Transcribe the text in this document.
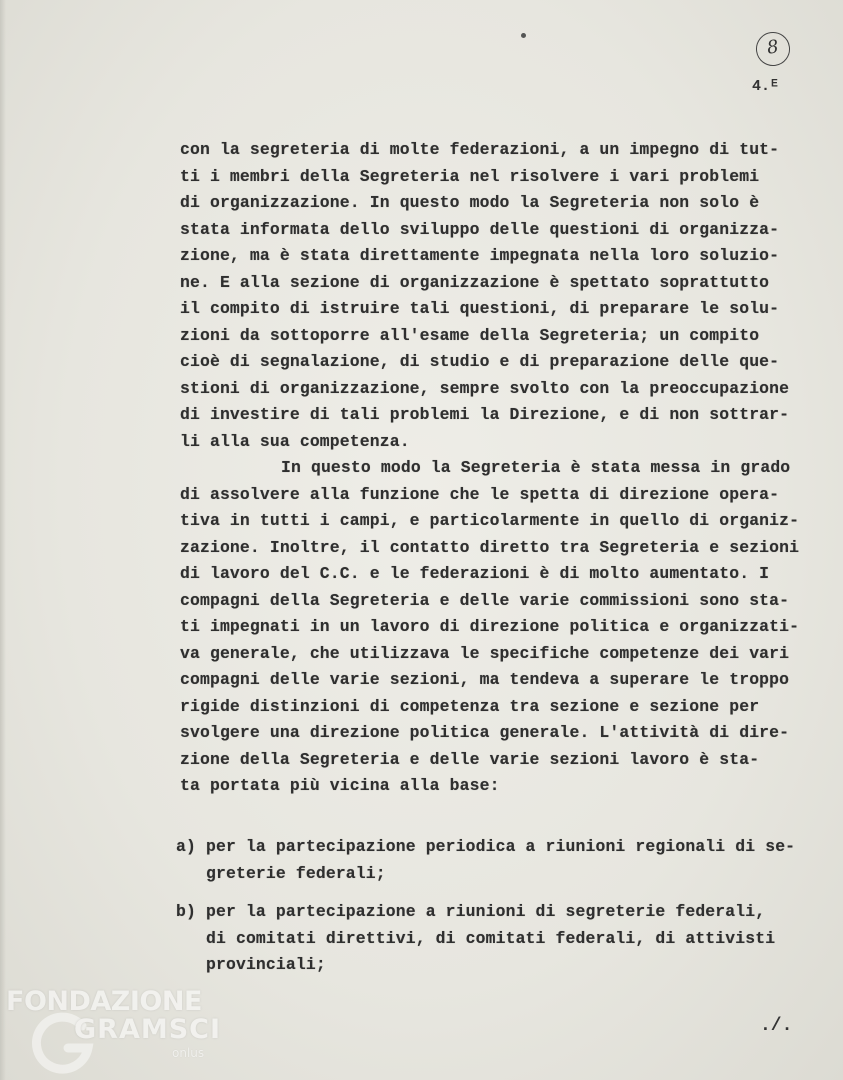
8
4.ᴱ
con la segreteria di molte federazioni, a un impegno di tut-
ti i membri della Segreteria nel risolvere i vari problemi
di organizzazione. In questo modo la Segreteria non solo è
stata informata dello sviluppo delle questioni di organizza-
zione, ma è stata direttamente impegnata nella loro soluzio-
ne. E alla sezione di organizzazione è spettato soprattutto
il compito di istruire tali questioni, di preparare le solu-
zioni da sottoporre all'esame della Segreteria; un compito
cioè di segnalazione, di studio e di preparazione delle que-
stioni di organizzazione, sempre svolto con la preoccupazione
di investire di tali problemi la Direzione, e di non sottrar-
li alla sua competenza.
In questo modo la Segreteria è stata messa in grado
di assolvere alla funzione che le spetta di direzione opera-
tiva in tutti i campi, e particolarmente in quello di organiz-
zazione. Inoltre, il contatto diretto tra Segreteria e sezioni
di lavoro del C.C. e le federazioni è di molto aumentato. I
compagni della Segreteria e delle varie commissioni sono sta-
ti impegnati in un lavoro di direzione politica e organizzati-
va generale, che utilizzava le specifiche competenze dei vari
compagni delle varie sezioni, ma tendeva a superare le troppo
rigide distinzioni di competenza tra sezione e sezione per
svolgere una direzione politica generale. L'attività di dire-
zione della Segreteria e delle varie sezioni lavoro è sta-
ta portata più vicina alla base:
a) per la partecipazione periodica a riunioni regionali di se-
greterie federali;
b) per la partecipazione a riunioni di segreterie federali,
di comitati direttivi, di comitati federali, di attivisti
provinciali;
./.
FONDAZIONE
GRAMSCI
onlus
